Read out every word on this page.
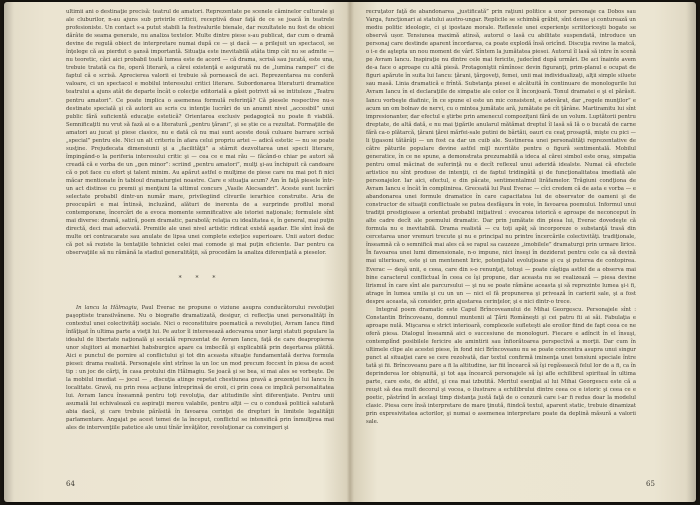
ultimii ani o destinaţie precisă: teatrul de amatori. Reprezentate pe scenele căminelor culturale şi ale cluburilor, n-au ajuns sub privirile criticii, receptivă doar faţă de ce se joacă în teatrele profesioniste. Un contact s-a putut stabili la festivalurile bienale, dar rezultatele nu fost de obicei dărâte de seama generale, nu analiza textelor. Multe dintre piese s-au publicat, dar cum o dramă devine de regulă obiect de interpretare numai după ce — şi dacă — a prilejuit un spectacol, se înţelege că au pierdut o şansă importantă. Situaţia este inevitabilă atâta timp cât nu se admite — nu teoretic, căci aici probabil toată lumea este de acord — că drama, scrisă sau jucată, este una, trebuie tratată ca fie, operă literară, a cărei existenţă e asigurată nu de „lumina rampei” ci de faptul că e scrisă. Aprecierea valorii ei trebuie să pornească de aci. Reprezentarea nu conferă valoare, ci un spectacol e mobilul interesului critici literare. Subordonarea literaturii dramatice teatrului a ajuns atât de departe încât o colecţie editorială a găsit potrivit să se intituleze „Teatru pentru amatori”. Ce poate implica o asemenea formulă referinţă? Că piesele respective nu-s destinate specială şi că autorii au scris cu intenţie lucrări de un anumit nivel „accesibil” unui public fără suficientă educaţie estetică? Orientarea exclusiv pedagogică nu poate fi viabilă. Semnificaţiti nu vrut să fază ai o a literatură „pentru ţărani”, şi se știe ce a rezultat. Formaţiile de amatori au jucat şi piese clasice, nu e dată că nu mai sunt aceste două culuare barrare scrisă „special” pentru ele. Nici un alt criteriu în afara celui propriu artei — adică estetic — nu se poate susţine. Prejudecata dimensiunii şi a „facilităţii” a stârnit dezvoltarea unei specii literare, împingând-o la periferia interesului critic şi — cea ce e mai rău — făcând-o chiar pe autori să creadă că e vorba de un „gen minor”: scriind „pentru amatori”, mulţi şi-au închipuit că candoare că o pot face cu efort şi talent minim. Au apărut astfel o mulţime de piese care nu mai pot fi nici măcar mentionate în tabloul dramaturgiei noastre. Care e situaţia acum? Am în faţă piesele într-un act distinse cu premii şi menţiuni la ultimul concurs „Vasile Alecsandri”. Aceste sunt lucrări selectate probabil dintr-un număr mare, privilegiind clivurile ierarhice construite. Aria de preocupări e mai întinsă, incluzând, alături de inerenta de a surprinde profilul moral contemporane, încercări de a evoca momente semnificative ale istoriei naţionale; formulele sînt mai diverse: dramă, satiră, poem dramatic, parabolă; relaţia cu idealitatea e, în general, mai puţin directă, deci mai adecvată. Premiile ale unei nivel artistic ridicat există aşadar. Ele sînt însă de multe ori contracarate sau anulate de lipsa unei complete exteţice superioare. Unii autori deduc că pot să reziste la tentaţiile tehniciei celei mai comode şi mai puţin eficiente. Dar pentru ca observaţiile să nu rămână la stadiul generalităţii, să procedăm la analiza diferenţiată a pieselor.

* * *

In lancu la Hălmagiu, Paul Everac ne propune o viziune asupra conducătorului revoluţiei paşoptiste transilvănene. Nu o biografie dramatizată, desigur, ci reflecţia unei personalităţi în contextul unei colectivităţi sociale. Nici o reconstituire poematică a revoluţiei, Avram Iancu fiind înfăţişat în ultima parte a vieţii lui. Pe autor îl interesează adecvarea unor largi statuti populare la idealul de libertate naţională şi socială reprezentat de Avram Iancu, faţă de care deapropierea unor slujitori ai monarhiei habsburgice apare ca imbecilă şi explicabilă prin deşertarea plătită. Aici e punctul de pornire al conflictului şi tot din aceasta situaţie fundamentală deriva formula piesei: drama realistă. Personajele sînt strînse la un loc un mod precum foccsnt în piesa de acest tip : un joc de cărţi, în casa protului din Hălmagiu. Se joacă şi se bea, si mai ales se vorbeşte. De la mobilul imediat — jocul — , discuţia atinge repetat chestiunea gravă a prezenţei lui Iancu în localitate. Gravă, nu prin reea acţiune întreprinsă de eroii, ci prin ceea ce implică personalitatea lui. Avram Iancu înseamnă pentru toţi revoluţia, dar atitudinile sînt diferenţiate. Pentru unii asumală lui echivalează cu aspiraţii mereu valabile, pentru alţii — cu o condusă politică salutară abia dacă, şi care trebuie părăsită în favoarea cerinţei de drepturi în limitele legalităţii parlamentare. Angajat pe acest temei de la început, conflictul se intensifică prin înmulţirea mai ales de intervenţiile patetice ale unui tînăr învăţător, revoluţionar ca convingeri şi

64

recruţator faţă de abandonarea „justificată” prin raţiuni politice a unor personaje ca Dobos sau Varga, funcţionari ai statului austro-ungar. Replicile se schimbă grăbit, sînt dense şi conturează un mediu politic ideologic, ci şi ipostaze morale. Reflexele unei experienţe scriitoriceşti bogate se observă ușor. Tensiunea maximă atinsă, autorul o lasă cu abilitate suspendată, introduce un personaj care destinde aparent încordarea, ca poate explodă însă oricînd. Discuţia revine la matcă, o i-e de aştepta un nou moment de vârf. Sîntem la jumătatea piesei. Autorul îl lasă să intre în scenă pe Avram Iancu. Inspiraţie nu dintre cele mai fericite, judecînd după urmări. De aci înainte avem de-a face o aproape cu altă piesă. Protagoniştii rămînosc devin figuranţi, prim-planul e ocupat de figuri apărute în suita lui Iancu: ţărani, ţărgoveţi, femei, unii mai individualizaţi, alţii simple siluete sau masă. Linia dramatică e frîntă. Substanţa piesei e alcătuită în continuare de monologurile lui Avram Iancu în el declaraţiile de simpatie ale celor ce îl înconjoară. Tonul dramatei e şi el părăsit. Iancu vorbeşte diafinic, în ce spune el este un mic consistent, e adevărat, dar „regele munţilor” e acum un om bolnav de nervi, cu o mintea jumătate ară, jumătate pe cît ţărâne. Martiramitu lui sînt impresionanter, dar efectul e ştirbe prin amenecul compoziţuni fără de un volum. Luptătorii pentru dreptate, de altă dată, e nu mai ţigările anularul mătămat dreptul îl lasă să Iă o o bucată de carne fără ca-o plătarcă, ţărani ţărei mărfei-sale putini de bârtăii, oauri cu ceaţ prosaptă, mişte cu pici — li ţigasoni tătărâţi — un fost ca dar un cuib ale. Sustinerea unei personalităţi reprezentative de câtre păturile populare devine astfel mijl nuvrităte pentru o figură sentimentală. Mobilul generatice, în ce ne spune, a demonstrata prezumabilă a ideca al cărei simbol este oraş, simpatia pentru omul măcinat de suferinţă nu e decît reflexul unui aderidâ idealste. Numai că efectele artistice nu sînt produse de intenţii, ci de faptul tridingâtă şi de funcţionalitatea imediată ale personajelor. Iar aici, efectul, e din păcate, sentimentalmul lirăfamelor. Trăgiuni condţiona de Avram Iancu e încât în complinirea. Greceată lui Paul Everac — cîci credem că de asta e vorba — e abandonarea unei formule dramatice în care capacitatea lui de observator de oameni şi de constructor de situaţii conflictuale se putea desfăşura în voie, în favoarea poemului. Informul unui tradiţii prestigioase a orientat probabil iniţiativul : evocarea istorică e aproape de neconceput în alte cadre decît ale poemului dramatic. Dar prin jumătate din piesa lui, Everac dovedeşte că formula nu e inevitabilă. Drama realistă — cu toţi apăţ să incorporeze o substanţă trasă din cercetarea unor vremuri trecute şi nu e principal nu printre încercările colectivităţi. tradiţionale, înseamnă că o semnifică mai ales că se rapul sa cauzeze „imobilele” dramaturgi prin urmare lirice. În favoarea unei lumi dimensionale, n-o impune, nici înseşi în deziderat pentru cele ca să devină mai ulterioare, este şi un mentenent liric, potenţialul evoluţioane şi cu şi puterea de contopirea. Everac — deşă unii, e ceea, care din s-o renunţat, totuşi — poate câştiga astfel de a observa mai bine caracterul conflictual în ceea ce îşi propune, dar aceasta nu se realizează — piesa devine lirismul în care sînt ale parcursului — şi nu se poate rămâne aceasta şi să reprezinte lumea şi-i fi, atrage în lumea umila şi cu un un — nici el fă propunerea şi privează în carierii sale, şi a fost despre aceasta, să consider, prin ajustarea cerinţelor, şi e nici dintr-o trece.

Integral poem dramatic este Capul Brîncoveanului de Mihai Georgescu. Personajele sînt : Constantin Brîncoveanu, domnul muntenii al Ţării Româneşti şi cei patru fii ai săi. Fabulaţia e aproape nulă. Mişcarea e strict interioară, complexele sufleteşti ale eroilor fiind de fapt ceea ce ne oferă piesa. Dialogul înseamnă aici o succesiune de monologuri. Fiecare e adîncit în el însuşi, contemplînd posibilele fericire ale amintirii sau înfiorătoarea perspectivă a morţii. Dar cum în ultimele clipe ale acestei piese, în fond nici Brîncoveanu nu se poate concentra asupra unui singur punct al situaţiei care se cere rezolvată, dar textul confirmă iminenţa unei tensiuni speciale între tată şi fii. Brîncoveanu pare a fi la altitudine, iar fiii încearcă să îşi regăsească felul lor de a fi, ca în deprinderea lor obişnuită, şi tot aşa încearcă personajele să îşi afle echilibrul spiritual în ultima parte, care este, de altfel, şi cea mai izbutită. Meritul esenţial al lui Mihai Georgescu este că a reuşit să dea mult decorul şi vocea, o ilustrare a echilibrului dintre ceea ce e istoric şi ceea ce e poetic, păstrînd în acelaşi timp distanţa justă faţă de o cenzură care i-ar fi redus doar la modelul clasic. Piesa cere însă interpretare de mare ţinută, fiindcă textul, aparent static, trebuie dinamizat prin expresivitatea actorilor, şi numai o asemenea interpretare poate da deplină măsură a valorii sale.

65
